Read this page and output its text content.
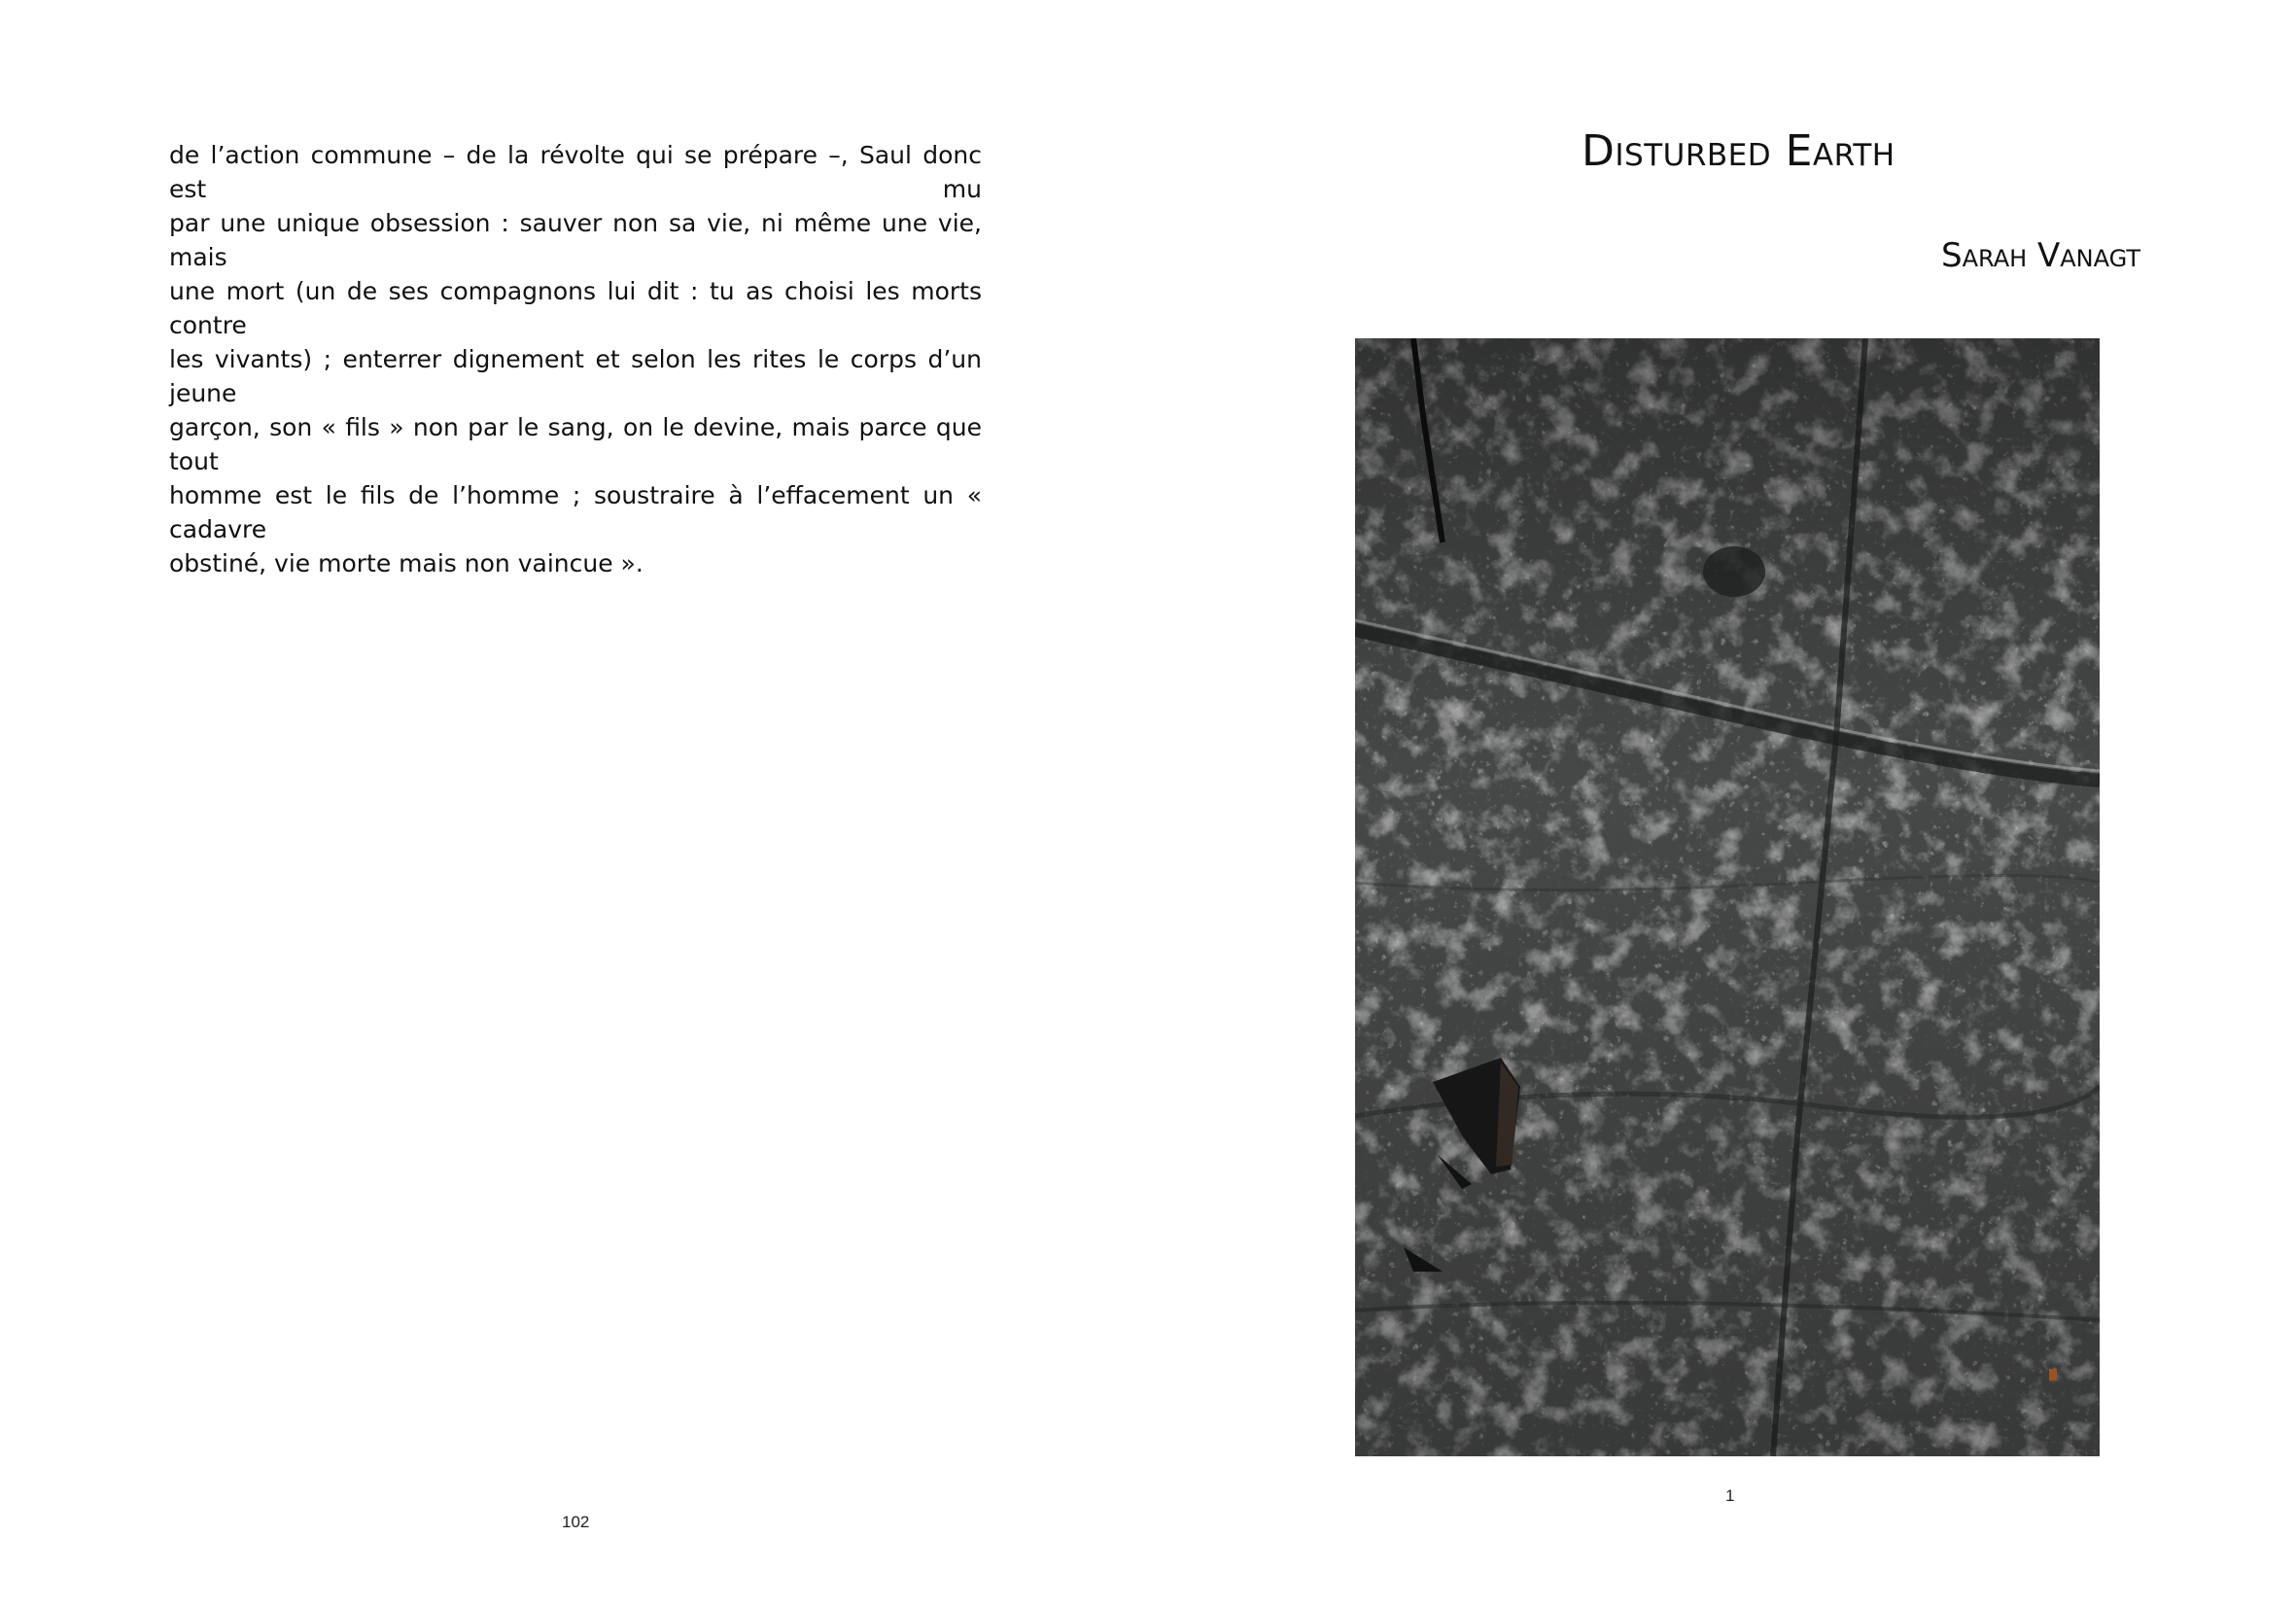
de l’action commune – de la révolte qui se prépare –, Saul donc est mu
par une unique obsession : sauver non sa vie, ni même une vie, mais
une mort (un de ses compagnons lui dit : tu as choisi les morts contre
les vivants) ; enterrer dignement et selon les rites le corps d’un jeune
garçon, son « fils » non par le sang, on le devine, mais parce que tout
homme est le fils de l’homme ; soustraire à l’effacement un « cadavre
obstiné, vie morte mais non vaincue ».

102
Disturbed Earth
Sarah Vanagt
1
